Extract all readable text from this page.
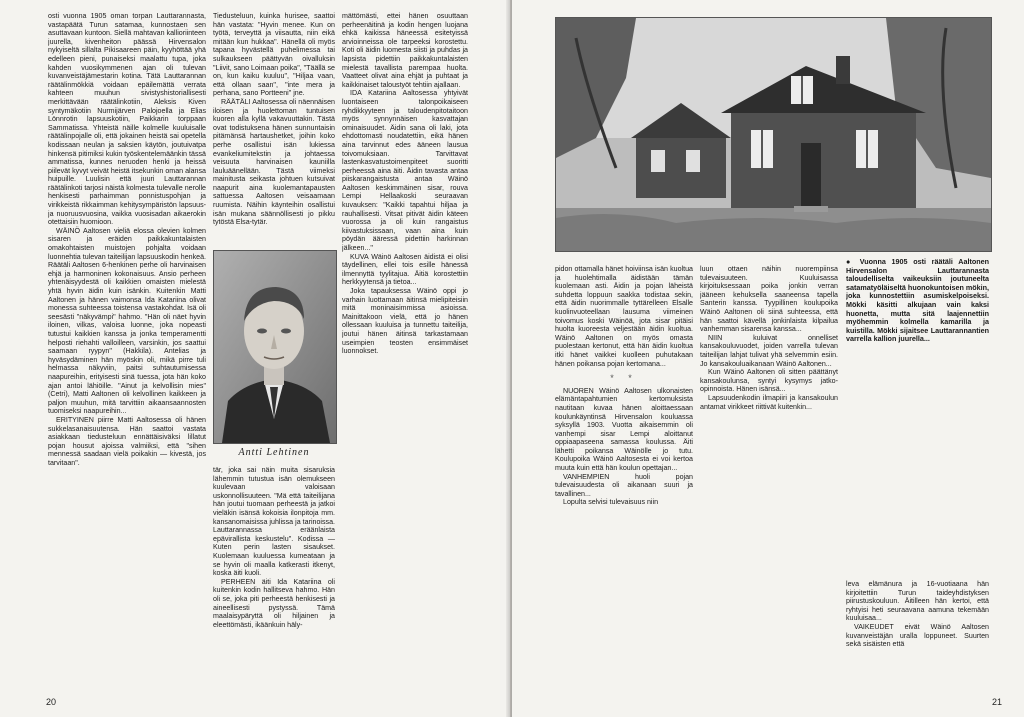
osti vuonna 1905 oman torpan Lauttarannasta, vastapäätä Turun satamaa, kunnostaen sen asuttavaan kuntoon. Siellä mahtavan kallioriinteen juurella, kivenheiton päässä Hirvensalon nykyiseltä sillalta Pikisaareen päin, kyyhöttää yhä edelleen pieni, punaiseksi maalattu tupa, joka kahden vuosikymmenen ajan oli tulevan kuvanveistäjämestarin kotina. Tätä Lauttarannan räätälinmökkiä voidaan epäilemättä verrata kahteen muuhun sivistyshistoriallisesti merkittävään räätälinkotiin, Aleksis Kiven syntymäkotiin Nurmijärven Palojoella ja Elias Lönnrotin lapsuuskotiin, Paikkarin torppaan Sammatissa. Yhteistä näille kolmelle kuuluisalle räätälinpojalle oli, että jokainen heistä sai opetella kodissaan neulan ja saksien käytön, joutuivatpa hinkensä pitimiksi kukin työskentelemäänkin tässä ammatissa, kunnes neruoden henki ja heissä piilevät kyvyt veivät heistä itsekunkin oman alansa huipuille. Luulisin että juuri Lauttarannan räätälinkoti tarjosi näistä kolmesta tulevalle nerolle henkisesti parhaimman ponnistuspohjan ja virikkeistä rikkaimman kehitysympäristön lapsuus- ja nuoruusvuosina, vaikka vuosisadan aikaerokin otettaisiin huomioon.

WÄINÖ Aaltosen vieliä elossa olevien kolmen sisaren ja eräiden paikkakuntalaisten omakohtaisten muistojen pohjalta voidaan luonnehtia tulevan taiteilijan lapsuuskodin henkeä. Räätäli Aaltosen 6-henkinen perhe oli harvinaisen ehjä ja harmoninen kokonaisuus. Ansio perheen yhtenäisyydestä oli kaikkien omaisten mielestä yhtä hyvin äidin kuin isänkin. Kuitenkin Matti Aaltonen ja hänen vaimonsa Ida Katariina olivat monessa suhteessa toistensa vastakohdat. Isä oli seesästi "näkyvämpi" hahmo. "Hän oli näet hyvin iloinen, vilkas, valoisa luonne, joka nopeasti tutustui kaikkien kanssa ja jonka temperamentti helposti riehahti valloilleen, varsinkin, jos saattui saamaan ryypyn" (Hakkila). Antelias ja hyväsydäminen hän myöskin oli, mikä pirre tuli helmassa näkyviin, paitsi suhtautumisessa naapureihin, erityisesti sinä tuessa, jota hän koko ajan antoi lähiöille. "Ainut ja kelvollisin mies" (Cetri), Matti Aaltonen oli kelvollinen kaikkeen ja paljon muuhun, mitä tarvittiin aikaansaannosten tuomiseksi naapureihin...

ERITYINEN piirre Matti Aaltosessa oli hänen sukkelasanaisuutensa. Hän saattoi vastata asiakkaan tiedusteluun ennättäisiväksi lillatut pojan housut ajoissa valmiiksi, että "sihen mennessä saadaan vielä poikakin — kivestä, jos tarvitaan".

Tiedusteluun, kuinka hurisee, saattoi hän vastata: "Hyvin menee. Kun on työtä, terveyttä ja viisautta, niin eikä mitään kun hukkaa". Hänellä oli myös tapana hyvästellä puhelimessa tai sulkaukseen päättyvän oivalluksin "Liivit, sano Loimaan poika", "Täällä se on, kun kaiku kuuluu", "Hiljaa vaan, että ollaan saan", "inte mera ja perhana, sano Portteeni" jne.

RÄÄTÄLI Aaltosessa oli näennäisen iloisen ja huolettoman tuntuisen kuoren alla kyllä vakavuuttakin. Tästä ovat todistuksena hänen sunnuntaisin pitämänsä hartaushetket, joihin koko perhe osallistui isän lukiessa evankeliumitekstin ja johtaessa veisuuta harvinaisen kauniilla lauluäänellään. Tästä viimeksi mainitusta seikasta johtuen kutsuivat naapurit aina kuolemantapausten sattuessa Aaltosen veisaamaan ruumista. Näihin käynteihin osallistui isän mukana säännöllisesti jo pikku tytöstä Elsa-tytär.

Antti Lehtinen

tär, joka sai näin muita sisaruksia lähemmin tutustua isän olemukseen kuulevaan valoisaan uskonnollisuuteen. "Mä että taiteilijana hän joutui tuomaan perheestä ja jatkoi vieläkin isänsä kokoisia ilonpitoja mm. kansanomaisissa juhlissa ja tarinoissa. Lauttarannassa eräänlaista epävirallista keskustelu". Kodissa — Kuten perin lasten sisaukset. Kuolemaan kuuluessa kumeataan ja se hyvin oli maalla katkerasti itkenyt, koska äiti kuoli.

PERHEEN äiti Ida Katariina oli kuitenkin kodin hallitseva hahmo. Hän oli se, joka piti perheestä henkisesti ja aineellisesti pystyssä. Tämä maalaisypäryttä oli hiljainen ja eleettömästi, ikäänkuin häly-

mättömästi, ettei hänen osuuttaan perheenäitinä ja kodin hengen luojana ehkä kaikissa häneessä esitetyissä arvioinneissa ole tarpeeksi korostettu. Koti oli äidin luomesta siisti ja puhdas ja lapsista pidettiin paikkakuntalaisten mielestä tavallista parempaa huolta. Vaatteet olivat aina ehjät ja puhtaat ja kaikkinaiset taloustyöt tehtiin ajallaan.

IDA Katariina Aaltosessa yhtyivät luontaiseen talonpoikaiseen ryhdikkyyteen ja taloudenpitotaitoon myös synnynnäisen kasvattajan ominaisuudet. Äidin sana oli laki, jota ehdottomasti noudatettiin, eikä hänen aina tarvinnut edes ääneen lausua toivomuksiaan. Tarvittavat lastenkasvatustoimenpiteet suoritti perheessä aina äiti. Äidin tavasta antaa piiskarangaistusta antaa Wäinö Aaltosen keskimmäinen sisar, rouva Lempi Hellaakoski seuraavan kuvauksen: "Kaikki tapahtui hiljaa ja rauhallisesti. Vitsat pitivät äidin käteen vuorossa ja oli kuin rangaistus kiivastuksissaan, vaan aina kuin pöydän ääressä pidettiin harkinnan jälkeen..."

KUVA Wäinö Aaltosen äidistä ei olisi täydellinen, ellei tois esille hänessä ilmennyttä tyylitajua. Äitiä korostettiin herkkyytensä ja tietoa...

Joka tapauksessa Wäinö oppi jo varhain luottamaan äitinsä mielipiteisiin mitä moninaisimmissa asioissa. Mainittakoon vielä, että jo hänen ollessaan kuuluisa ja tunnettu taiteilija, joutui hänen äitinsä tarkastamaan useimpien teosten ensimmäiset luonnokset.

20

pidon ottamalla hänet hoiviinsa isän kuoltua ja huolehtimalla äidistään tämän kuolemaan asti. Äidin ja pojan läheistä suhdetta loppuun saakka todistaa sekin, että äidin nuorimmalle tyttärelleen Elsalle kuolinvuoteellaan lausuma viimeinen toivomus koski Wäinöä, jota sisar pitäisi huolta kuoreesta veljestään äidin kuoltua. Wäinö Aaltonen on myös omasta puolestaan kertonut, että hän äidin kuoltua itki hänet vaikkei kuolleen puhutakaan hänen poikansa pojan kertomana...

* *

NUOREN Wäinö Aaltosen ulkonaisten elämäntapahtumien kertomuksista nautitaan kuvaa hänen aloittaessaan koulunkäyntinsä Hirvensalon kouluassa syksyllä 1903. Vuotta aikaisemmin oli vanhempi sisar Lempi aloittanut oppiaapaseena samassa koulussa. Äiti lähetti poikansa Wäinölle jo tutu. Koulupoika Wäinö Aaltosesta ei voi kertoa muuta kuin että hän koulun opettajan...

VANHEMPIEN huoli pojan tulevaisuudesta oli aikanaan suuri ja tavallinen...

Lopulta selvisi tulevaisuus niin

luun ottaen näihin nuorempiinsa tulevaisuuteen. Kuuluisassa kirjoituksessaan poika jonkin verran jääneen kehuksella saaneensa tapella Santerin kanssa. Tyypillinen koulupoika Wäinö Aaltonen oli siinä suhteessa, että hän saattoi kävellä jonkinlaista kilpailua vanhemman sisarensa kanssa...

NIIN kuluivat onnelliset kansakouluvuodet, joiden varrella tulevan taiteilijan lahjat tulivat yhä selvemmin esiin. Jo kansakouluaikanaan Wäinö Aaltonen...

Kun Wäinö Aaltonen oli sitten päättänyt kansakoulunsa, syntyi kysymys jatko-opinnoista. Hänen isänsä...

Lapsuudenkodin ilmapiiri ja kansakoulun antamat virikkeet riittivät kuitenkin...

● Vuonna 1905 osti räätäli Aaltonen Hirvensalon Lauttarannasta taloudelliselta vaikeuksiin joutuneelta satamatyöläiseltä huonokuntoisen mökin, joka kunnostettiin asumiskelpoiseksi. Mökki käsitti alkujaan vain kaksi huonetta, mutta sitä laajennettiin myöhemmin kolmella kamarilla ja kuistilla. Mökki sijaitsee Lauttarannantien varrella kallion juurella...

leva elämänura ja 16-vuotiaana hän kirjoitettiin Turun taideyhdistyksen piirustuskouluun. Äitilleen hän kertoi, että ryhtyisi heti seuraavana aamuna tekemään kuuluisaa...

VAIKEUDET eivät Wäinö Aaltosen kuvanveistäjän uralla loppuneet. Suurten sekä sisäisten että

21
